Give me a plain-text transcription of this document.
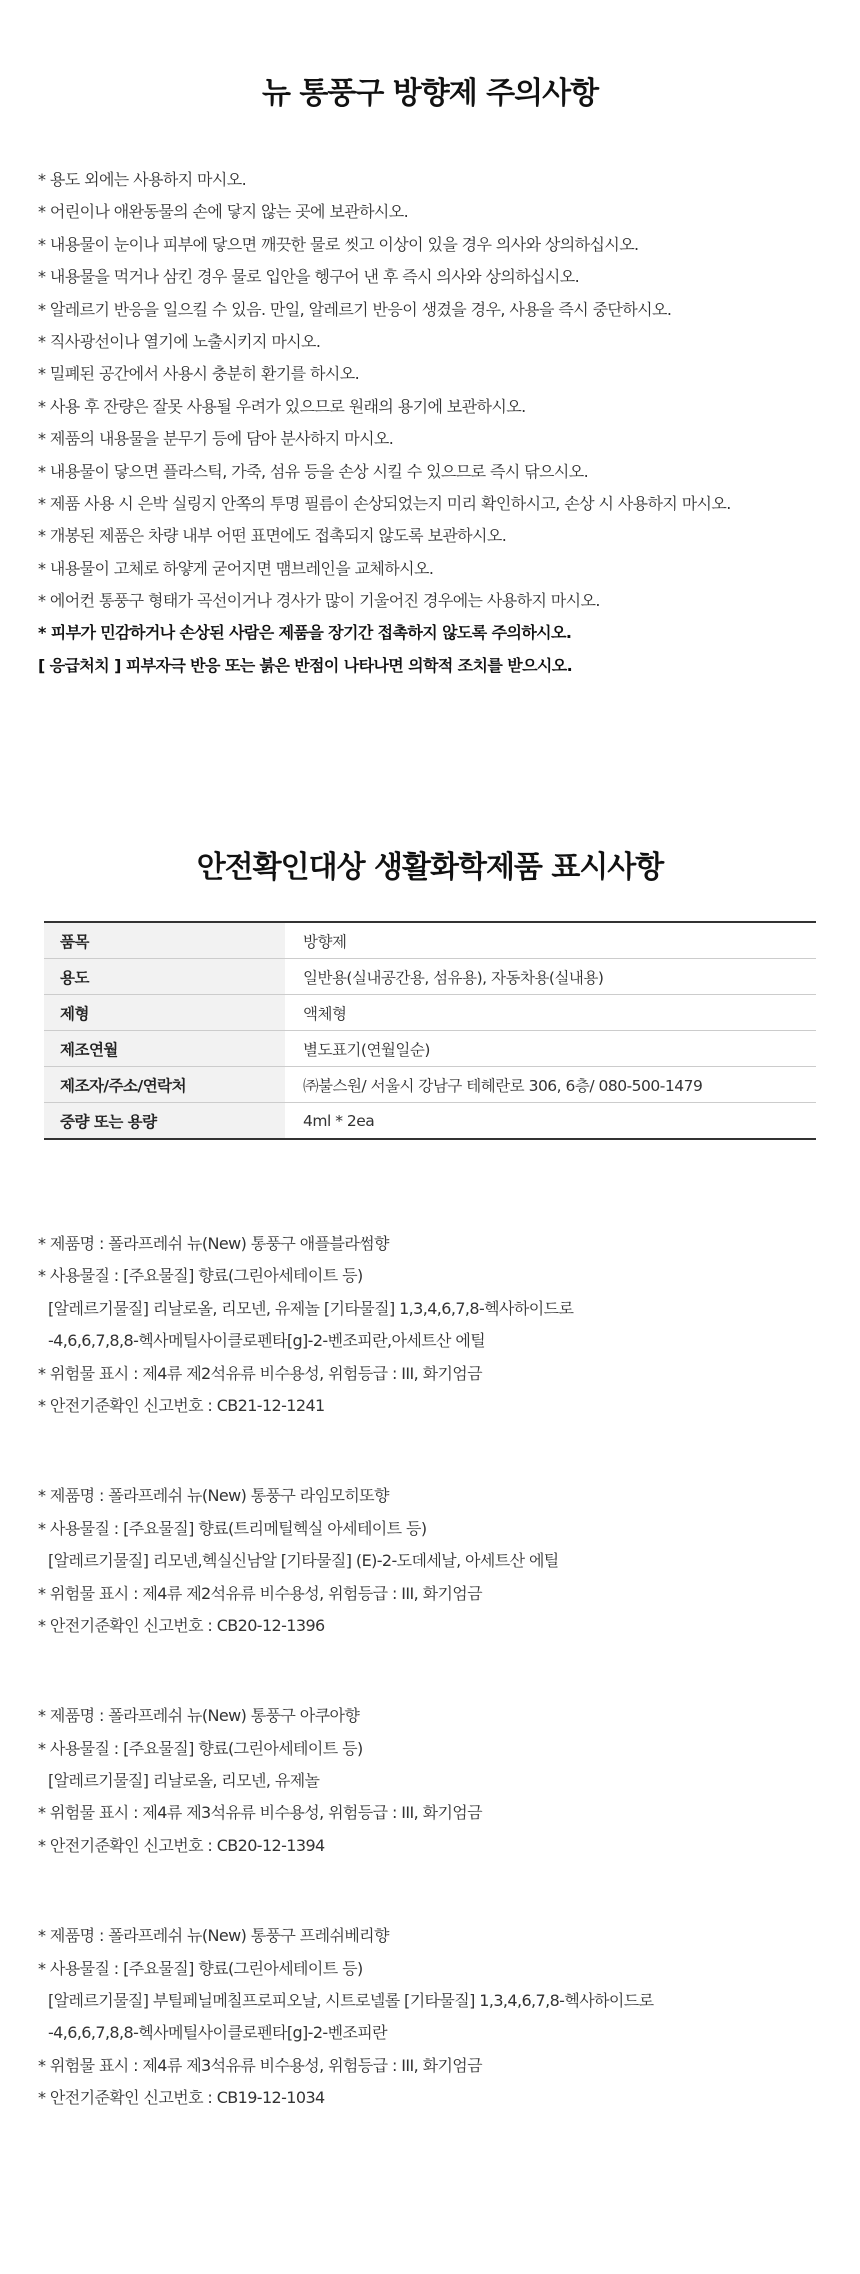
뉴 통풍구 방향제 주의사항
* 용도 외에는 사용하지 마시오.
* 어린이나 애완동물의 손에 닿지 않는 곳에 보관하시오.
* 내용물이 눈이나 피부에 닿으면 깨끗한 물로 씻고 이상이 있을 경우 의사와 상의하십시오.
* 내용물을 먹거나 삼킨 경우 물로 입안을 헹구어 낸 후 즉시 의사와 상의하십시오.
* 알레르기 반응을 일으킬 수 있음. 만일, 알레르기 반응이 생겼을 경우, 사용을 즉시 중단하시오.
* 직사광선이나 열기에 노출시키지 마시오.
* 밀폐된 공간에서 사용시 충분히 환기를 하시오.
* 사용 후 잔량은 잘못 사용될 우려가 있으므로 원래의 용기에 보관하시오.
* 제품의 내용물을 분무기 등에 담아 분사하지 마시오.
* 내용물이 닿으면 플라스틱, 가죽, 섬유 등을 손상 시킬 수 있으므로 즉시 닦으시오.
* 제품 사용 시 은박 실링지 안쪽의 투명 필름이 손상되었는지 미리 확인하시고, 손상 시 사용하지 마시오.
* 개봉된 제품은 차량 내부 어떤 표면에도 접촉되지 않도록 보관하시오.
* 내용물이 고체로 하얗게 굳어지면 맴브레인을 교체하시오.
* 에어컨 통풍구 형태가 곡선이거나 경사가 많이 기울어진 경우에는 사용하지 마시오.
* 피부가 민감하거나 손상된 사람은 제품을 장기간 접촉하지 않도록 주의하시오.
[ 응급처치 ] 피부자극 반응 또는 붉은 반점이 나타나면 의학적 조치를 받으시오.
안전확인대상 생활화학제품 표시사항
품목	방향제
용도	일반용(실내공간용, 섬유용), 자동차용(실내용)
제형	액체형
제조연월	별도표기(연월일순)
제조자/주소/연락처	㈜불스원/ 서울시 강남구 테헤란로 306, 6층/ 080-500-1479
중량 또는 용량	4ml * 2ea
* 제품명 : 폴라프레쉬 뉴(New) 통풍구 애플블라썸향
* 사용물질 : [주요물질] 향료(그린아세테이트 등)
[알레르기물질] 리날로올, 리모넨, 유제놀 [기타물질] 1,3,4,6,7,8-헥사하이드로
-4,6,6,7,8,8-헥사메틸사이클로펜타[g]-2-벤조피란,아세트산 에틸
* 위험물 표시 : 제4류 제2석유류 비수용성, 위험등급 : III, 화기엄금
* 안전기준확인 신고번호 : CB21-12-1241
* 제품명 : 폴라프레쉬 뉴(New) 통풍구 라임모히또향
* 사용물질 : [주요물질] 향료(트리메틸헥실 아세테이트 등)
[알레르기물질] 리모넨,헥실신남알 [기타물질] (E)-2-도데세날, 아세트산 에틸
* 위험물 표시 : 제4류 제2석유류 비수용성, 위험등급 : III, 화기엄금
* 안전기준확인 신고번호 : CB20-12-1396
* 제품명 : 폴라프레쉬 뉴(New) 통풍구 아쿠아향
* 사용물질 : [주요물질] 향료(그린아세테이트 등)
[알레르기물질] 리날로올, 리모넨, 유제놀
* 위험물 표시 : 제4류 제3석유류 비수용성, 위험등급 : III, 화기엄금
* 안전기준확인 신고번호 : CB20-12-1394
* 제품명 : 폴라프레쉬 뉴(New) 통풍구 프레쉬베리향
* 사용물질 : [주요물질] 향료(그린아세테이트 등)
[알레르기물질] 부틸페닐메칠프로피오날, 시트로넬롤 [기타물질] 1,3,4,6,7,8-헥사하이드로
-4,6,6,7,8,8-헥사메틸사이클로펜타[g]-2-벤조피란
* 위험물 표시 : 제4류 제3석유류 비수용성, 위험등급 : III, 화기엄금
* 안전기준확인 신고번호 : CB19-12-1034
